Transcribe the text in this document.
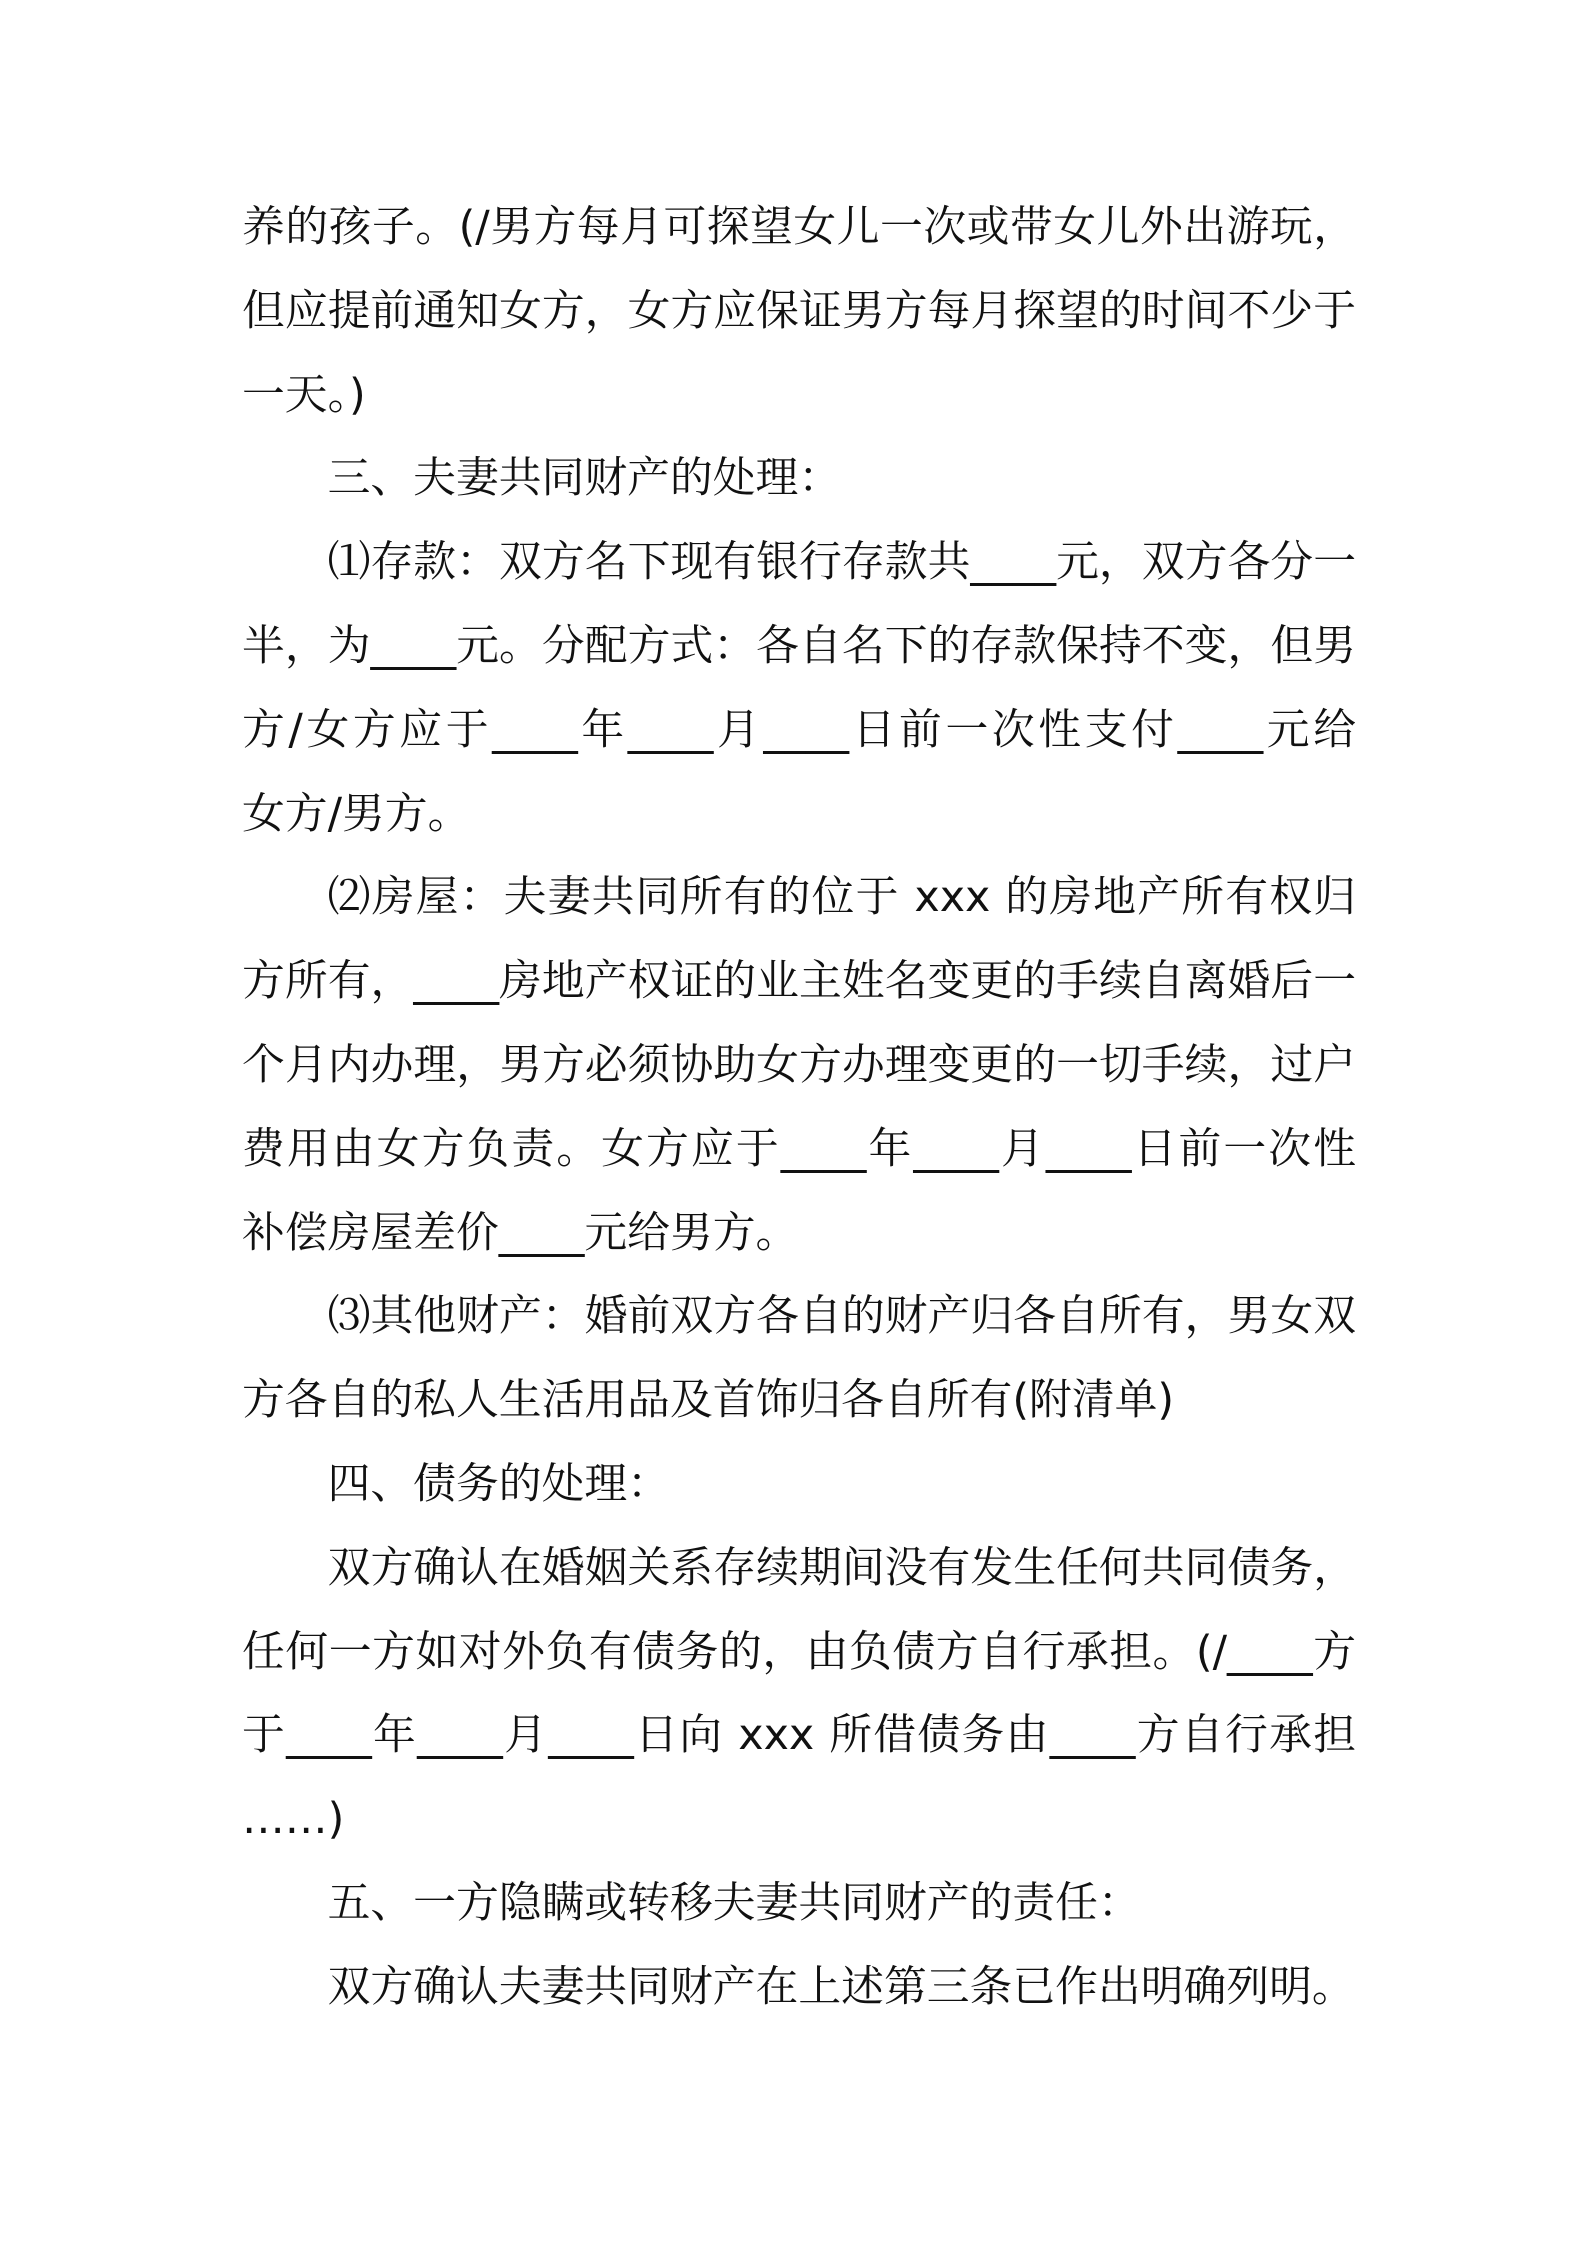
养的孩子。(/男方每月可探望女儿一次或带女儿外出游玩，
但应提前通知女方，女方应保证男方每月探望的时间不少于
一天。)
三、夫妻共同财产的处理：
⑴存款：双方名下现有银行存款共____元，双方各分一
半，为____元。分配方式：各自名下的存款保持不变，但男
方/女方应于____年____月____日前一次性支付____元给
女方/男方。
⑵房屋：夫妻共同所有的位于 xxx 的房地产所有权归
方所有，____房地产权证的业主姓名变更的手续自离婚后一
个月内办理，男方必须协助女方办理变更的一切手续，过户
费用由女方负责。女方应于____年____月____日前一次性
补偿房屋差价____元给男方。
⑶其他财产：婚前双方各自的财产归各自所有，男女双
方各自的私人生活用品及首饰归各自所有(附清单)
四、债务的处理：
双方确认在婚姻关系存续期间没有发生任何共同债务，
任何一方如对外负有债务的，由负债方自行承担。(/____方
于____年____月____日向 xxx 所借债务由____方自行承担
……)
五、一方隐瞒或转移夫妻共同财产的责任：
双方确认夫妻共同财产在上述第三条已作出明确列明。
